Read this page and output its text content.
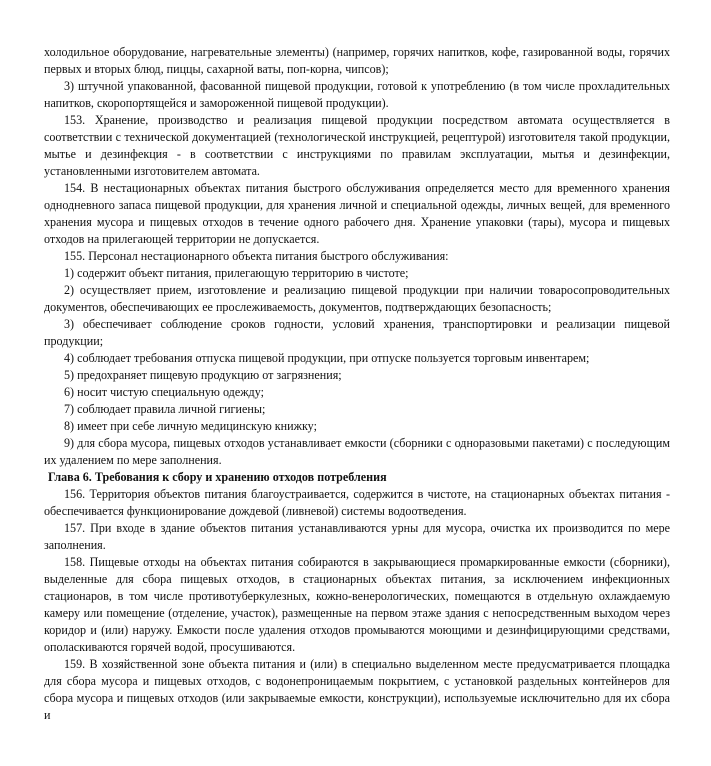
холодильное оборудование, нагревательные элементы) (например, горячих напитков, кофе, газированной воды, горячих первых и вторых блюд, пиццы, сахарной ваты, поп-корна, чипсов);

3) штучной упакованной, фасованной пищевой продукции, готовой к употреблению (в том числе прохладительных напитков, скоропортящейся и замороженной пищевой продукции).

153. Хранение, производство и реализация пищевой продукции посредством автомата осуществляется в соответствии с технической документацией (технологической инструкцией, рецептурой) изготовителя такой продукции, мытье и дезинфекция - в соответствии с инструкциями по правилам эксплуатации, мытья и дезинфекции, установленными изготовителем автомата.

154. В нестационарных объектах питания быстрого обслуживания определяется место для временного хранения однодневного запаса пищевой продукции, для хранения личной и специальной одежды, личных вещей, для временного хранения мусора и пищевых отходов в течение одного рабочего дня. Хранение упаковки (тары), мусора и пищевых отходов на прилегающей территории не допускается.

155. Персонал нестационарного объекта питания быстрого обслуживания:

1) содержит объект питания, прилегающую территорию в чистоте;

2) осуществляет прием, изготовление и реализацию пищевой продукции при наличии товаросопроводительных документов, обеспечивающих ее прослеживаемость, документов, подтверждающих безопасность;

3) обеспечивает соблюдение сроков годности, условий хранения, транспортировки и реализации пищевой продукции;

4) соблюдает требования отпуска пищевой продукции, при отпуске пользуется торговым инвентарем;

5) предохраняет пищевую продукцию от загрязнения;

6) носит чистую специальную одежду;

7) соблюдает правила личной гигиены;

8) имеет при себе личную медицинскую книжку;

9) для сбора мусора, пищевых отходов устанавливает емкости (сборники с одноразовыми пакетами) с последующим их удалением по мере заполнения.

Глава 6. Требования к сбору и хранению отходов потребления

156. Территория объектов питания благоустраивается, содержится в чистоте, на стационарных объектах питания - обеспечивается функционирование дождевой (ливневой) системы водоотведения.

157. При входе в здание объектов питания устанавливаются урны для мусора, очистка их производится по мере заполнения.

158. Пищевые отходы на объектах питания собираются в закрывающиеся промаркированные емкости (сборники), выделенные для сбора пищевых отходов, в стационарных объектах питания, за исключением инфекционных стационаров, в том числе противотуберкулезных, кожно-венерологических, помещаются в отдельную охлаждаемую камеру или помещение (отделение, участок), размещенные на первом этаже здания с непосредственным выходом через коридор и (или) наружу. Емкости после удаления отходов промываются моющими и дезинфицирующими средствами, ополаскиваются горячей водой, просушиваются.

159. В хозяйственной зоне объекта питания и (или) в специально выделенном месте предусматривается площадка для сбора мусора и пищевых отходов, с водонепроницаемым покрытием, с установкой раздельных контейнеров для сбора мусора и пищевых отходов (или закрываемые емкости, конструкции), используемые исключительно для их сбора и
